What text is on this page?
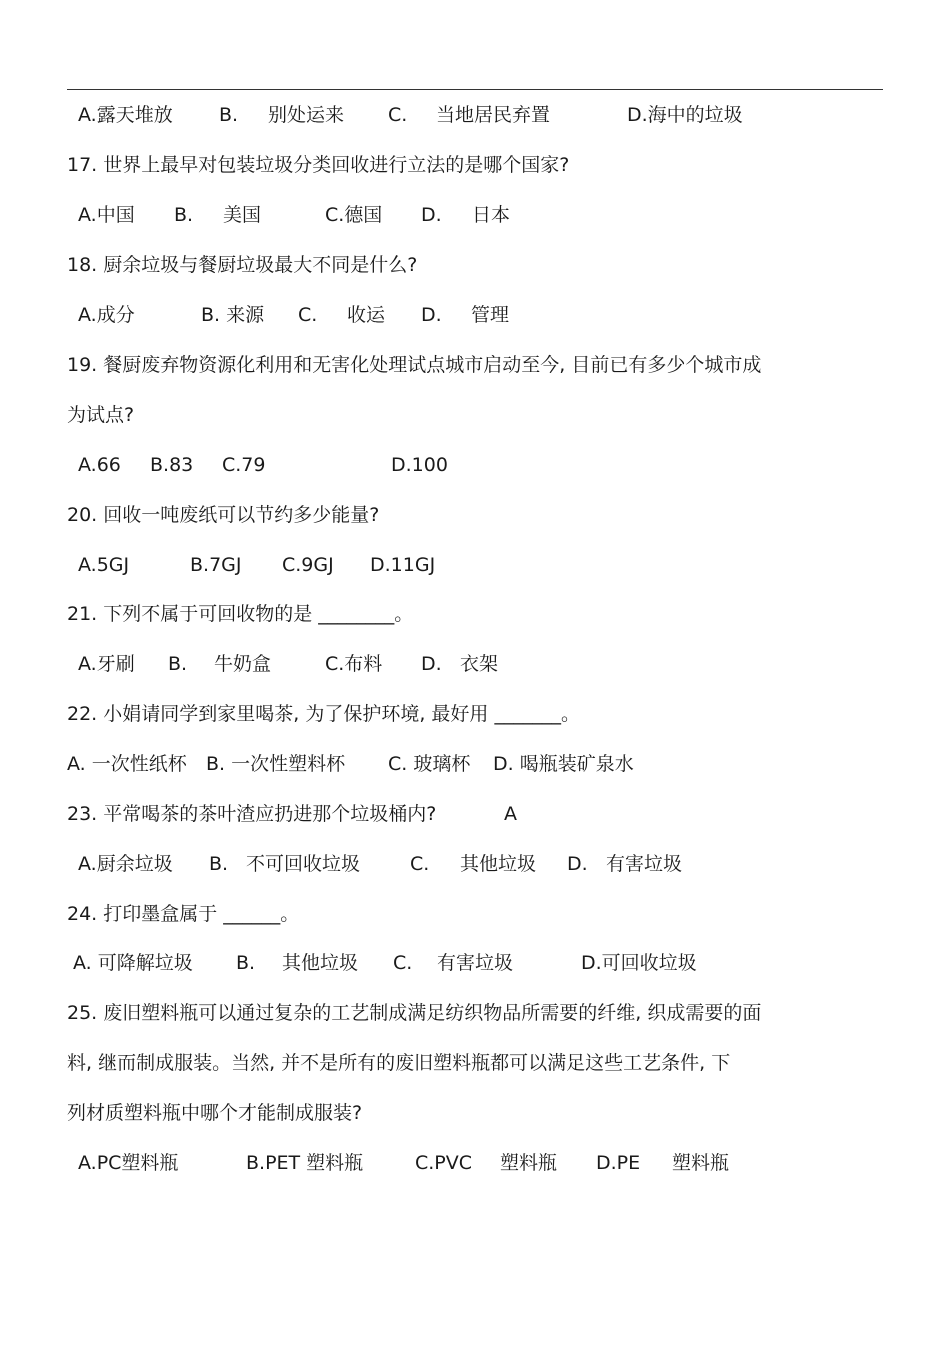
A.露天堆放

B.

别处运来

C.

当地居民弃置

	D.海中的垃圾

17. 世界上最早对包装垃圾分类回收进行立法的是哪个国家?

A.中国

B.

美国

	C.德国

D.

日本

18. 厨余垃圾与餐厨垃圾最大不同是什么?

A.成分

	B. 来源

C.

收运

D.

管理

19. 餐厨废弃物资源化利用和无害化处理试点城市启动至今, 目前已有多少个城市成
为试点?

A.66

B.83

C.79

	D.100

20. 回收一吨废纸可以节约多少能量?

A.5GJ

	B.7GJ

C.9GJ

D.11GJ

21. 下列不属于可回收物的是 ________。

A.牙刷

B.

牛奶盒

	C.布料

D.

衣架

22. 小娟请同学到家里喝茶, 为了保护环境, 最好用 _______。

A. 一次性纸杯

B. 一次性塑料杯

C. 玻璃杯

D. 喝瓶装矿泉水

23. 平常喝茶的茶叶渣应扔进那个垃圾桶内?

	A

A.厨余垃圾

B.

不可回收垃圾

	C.

其他垃圾

D.

有害垃圾

24. 打印墨盒属于 ______。

A. 可降解垃圾

B.

其他垃圾

C.

有害垃圾

	D.可回收垃圾

25. 废旧塑料瓶可以通过复杂的工艺制成满足纺织物品所需要的纤维, 织成需要的面
料, 继而制成服装。当然, 并不是所有的废旧塑料瓶都可以满足这些工艺条件, 下
列材质塑料瓶中哪个才能制成服装?

A.PC塑料瓶

	B.PET 塑料瓶

	C.PVC

塑料瓶

D.PE

塑料瓶
